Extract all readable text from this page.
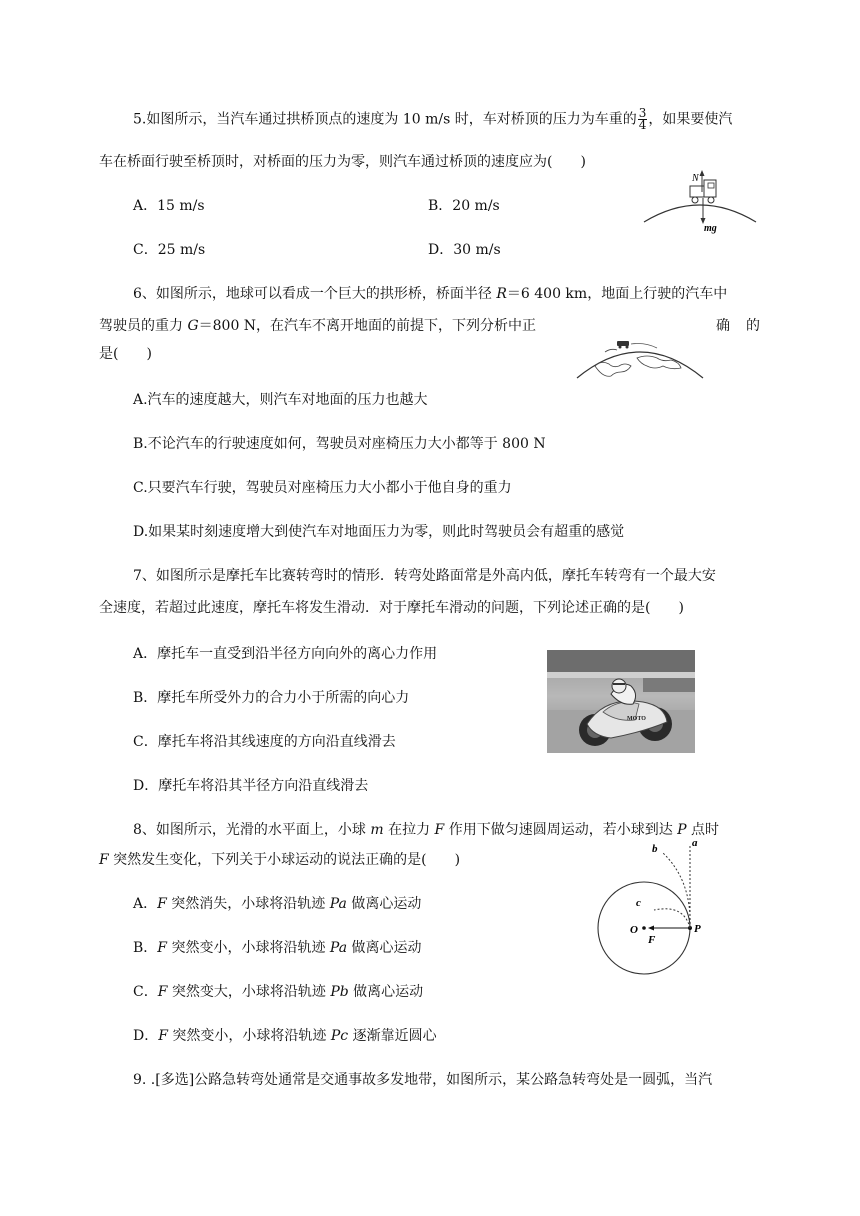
5.如图所示，当汽车通过拱桥顶点的速度为 10 m/s 时，车对桥顶的压力为车重的 $\frac{3}{4}$ ，如果要使汽
车在桥面行驶至桥顶时，对桥面的压力为零，则汽车通过桥顶的速度应为(　　)
A．15 m/s	B．20 m/s
C．25 m/s	D．30 m/s
N
mg
6、如图所示，地球可以看成一个巨大的拱形桥，桥面半径 R＝6 400 km，地面上行驶的汽车中
驾驶员的重力 G＝800 N，在汽车不离开地面的前提下，下列分析中正	确 的
是(　　)
A.汽车的速度越大，则汽车对地面的压力也越大
B.不论汽车的行驶速度如何，驾驶员对座椅压力大小都等于 800 N
C.只要汽车行驶，驾驶员对座椅压力大小都小于他自身的重力
D.如果某时刻速度增大到使汽车对地面压力为零，则此时驾驶员会有超重的感觉
7、如图所示是摩托车比赛转弯时的情形．转弯处路面常是外高内低，摩托车转弯有一个最大安
全速度，若超过此速度，摩托车将发生滑动．对于摩托车滑动的问题，下列论述正确的是(　　)
A．摩托车一直受到沿半径方向向外的离心力作用
B．摩托车所受外力的合力小于所需的向心力
C．摩托车将沿其线速度的方向沿直线滑去
D．摩托车将沿其半径方向沿直线滑去
MOTO
8、如图所示，光滑的水平面上，小球 m 在拉力 F 作用下做匀速圆周运动，若小球到达 P 点时
F 突然发生变化，下列关于小球运动的说法正确的是(　　)
A．F 突然消失，小球将沿轨迹 Pa 做离心运动
B．F 突然变小，小球将沿轨迹 Pa 做离心运动
C．F 突然变大，小球将沿轨迹 Pb 做离心运动
D．F 突然变小，小球将沿轨迹 Pc 逐渐靠近圆心
a
b
c
O
F
P
9. .[多选]公路急转弯处通常是交通事故多发地带，如图所示，某公路急转弯处是一圆弧，当汽
